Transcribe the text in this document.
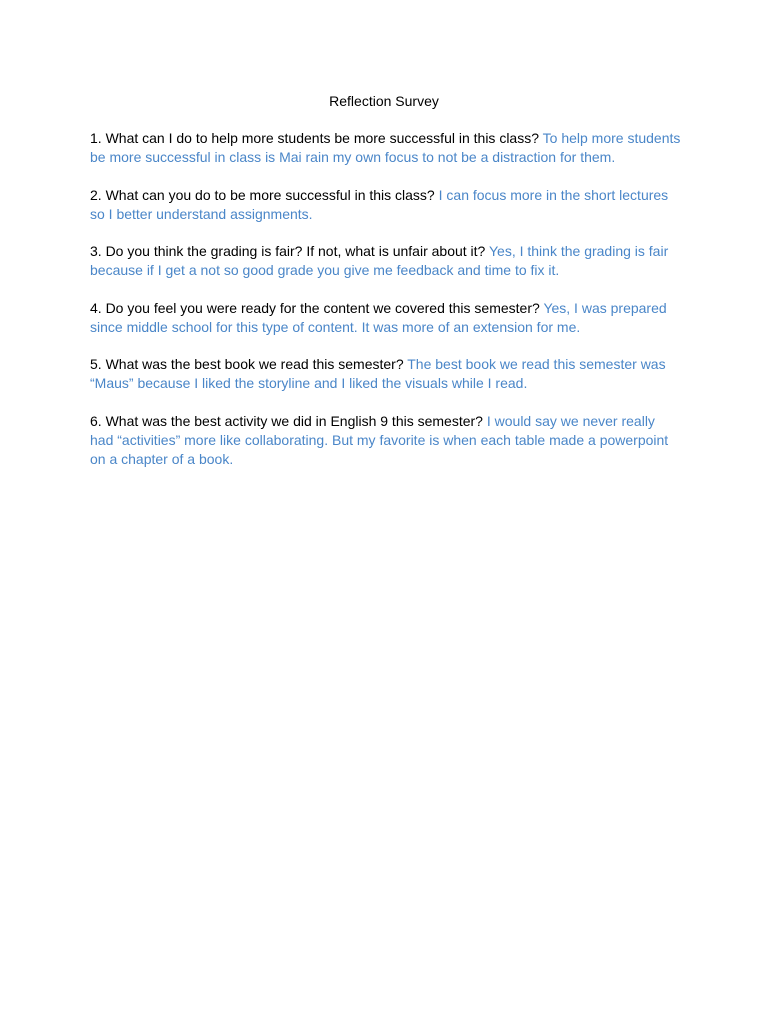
Reflection Survey

1. What can I do to help more students be more successful in this class? To help more students be more successful in class is Mai rain my own focus to not be a distraction for them.

2. What can you do to be more successful in this class? I can focus more in the short lectures so I better understand assignments.

3. Do you think the grading is fair? If not, what is unfair about it? Yes, I think the grading is fair because if I get a not so good grade you give me feedback and time to fix it.

4. Do you feel you were ready for the content we covered this semester? Yes, I was prepared since middle school for this type of content. It was more of an extension for me.

5. What was the best book we read this semester? The best book we read this semester was “Maus” because I liked the storyline and I liked the visuals while I read.

6. What was the best activity we did in English 9 this semester? I would say we never really had “activities” more like collaborating. But my favorite is when each table made a powerpoint on a chapter of a book.
